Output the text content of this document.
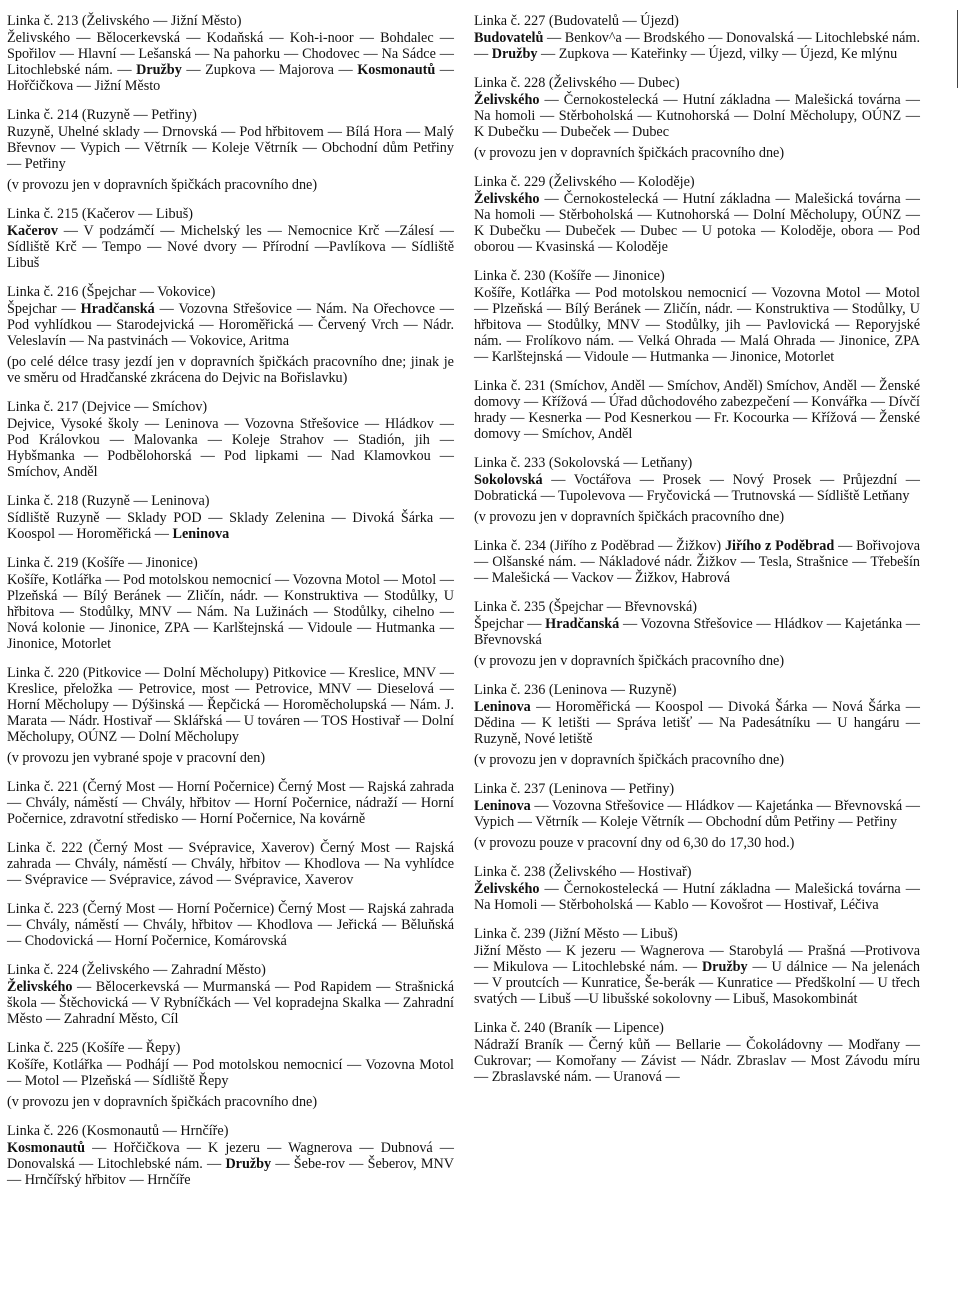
Linka č. 213 (Želivského — Jižní Město)

Želivského — Bělocerkevská — Kodaňská — Koh-i-noor — Bohdalec — Spořilov — Hlavní — Lešanská — Na pahorku — Chodovec — Na Sádce — Litochlebské nám. — Družby — Zupkova — Majorova — Kosmonautů — Hořčičkova — Jižní Město

Linka č. 214 (Ruzyně — Petřiny)

Ruzyně, Uhelné sklady — Drnovská — Pod hřbitovem — Bílá Hora — Malý Břevnov — Vypich — Větrník — Koleje Větrník — Obchodní dům Petřiny — Petřiny

(v provozu jen v dopravních špičkách pracovního dne)

Linka č. 215 (Kačerov — Libuš)

Kačerov — V podzámčí — Michelský les — Nemocnice Krč —Zálesí — Sídliště Krč — Tempo — Nové dvory — Přírodní —Pavlíkova — Sídliště Libuš

Linka č. 216 (Špejchar — Vokovice)

Špejchar — Hradčanská — Vozovna Střešovice — Nám. Na Ořechovce — Pod vyhlídkou — Starodejvická — Horoměřická — Červený Vrch — Nádr. Veleslavín — Na pastvinách — Vokovice, Aritma

(po celé délce trasy jezdí jen v dopravních špičkách pracovního dne; jinak je ve směru od Hradčanské zkrácena do Dejvic na Bořislavku)

Linka č. 217 (Dejvice — Smíchov)

Dejvice, Vysoké školy — Leninova — Vozovna Střešovice — Hládkov — Pod Královkou — Malovanka — Koleje Strahov — Stadión, jih — Hybšmanka — Podbělohorská — Pod lipkami — Nad Klamovkou — Smíchov, Anděl

Linka č. 218 (Ruzyně — Leninova)

Sídliště Ruzyně — Sklady POD — Sklady Zelenina — Divoká Šárka — Koospol — Horoměřická — Leninova

Linka č. 219 (Košíře — Jinonice)

Košíře, Kotlářka — Pod motolskou nemocnicí — Vozovna Motol — Motol — Plzeňská — Bílý Beránek — Zličín, nádr. — Konstruktiva — Stodůlky, U hřbitova — Stodůlky, MNV — Nám. Na Lužinách — Stodůlky, cihelno — Nová kolonie — Jinonice, ZPA — Karlštejnská — Vidoule — Hutmanka — Jinonice, Motorlet

Linka č. 220 (Pitkovice — Dolní Měcholupy) Pitkovice — Kreslice, MNV — Kreslice, přeložka — Petrovice, most — Petrovice, MNV — Dieselová — Horní Měcholupy — Dýšinská — Řepčická — Horoměcholupská — Nám. J. Marata — Nádr. Hostivař — Sklářská — U továren — TOS Hostivař — Dolní Měcholupy, OÚNZ — Dolní Měcholupy

(v provozu jen vybrané spoje v pracovní den)

Linka č. 221 (Černý Most — Horní Počernice) Černý Most — Rajská zahrada — Chvály, náměstí — Chvály, hřbitov — Horní Počernice, nádraží — Horní Počernice, zdravotní středisko — Horní Počernice, Na kovárně

Linka č. 222 (Černý Most — Svépravice, Xaverov) Černý Most — Rajská zahrada — Chvály, náměstí — Chvály, hřbitov — Khodlova — Na vyhlídce — Svépravice — Svépravice, závod — Svépravice, Xaverov

Linka č. 223 (Černý Most — Horní Počernice) Černý Most — Rajská zahrada — Chvály, náměstí — Chvály, hřbitov — Khodlova — Jeřická — Běluňská — Chodovická — Horní Počernice, Komárovská

Linka č. 224 (Želivského — Zahradní Město)

Želivského — Bělocerkevská — Murmanská — Pod Rapidem — Strašnická škola — Štěchovická — V Rybníčkách — Vel kopradejna Skalka — Zahradní Město — Zahradní Město, Cíl

Linka č. 225 (Košíře — Řepy)

Košíře, Kotlářka — Podhájí — Pod motolskou nemocnicí — Vozovna Motol — Motol — Plzeňská — Sídliště Řepy

(v provozu jen v dopravních špičkách pracovního dne)

Linka č. 226 (Kosmonautů — Hrnčíře)

Kosmonautů — Hořčičkova — K jezeru — Wagnerova — Dubnová — Donovalská — Litochlebské nám. — Družby — Šebe-rov — Šeberov, MNV — Hrnčířský hřbitov — Hrnčíře

Linka č. 227 (Budovatelů — Újezd)

Budovatelů — Benkov^a — Brodského — Donovalská — Litochlebské nám. — Družby — Zupkova — Kateřinky — Újezd, vilky — Újezd, Ke mlýnu

Linka č. 228 (Želivského — Dubec)

Želivského — Černokostelecká — Hutní základna — Malešická továrna — Na homoli — Stěrboholská — Kutnohorská — Dolní Měcholupy, OÚNZ — K Dubečku — Dubeček — Dubec

(v provozu jen v dopravních špičkách pracovního dne)

Linka č. 229 (Želivského — Koloděje)

Želivského — Černokostelecká — Hutní základna — Malešická továrna — Na homoli — Stěrboholská — Kutnohorská — Dolní Měcholupy, OÚNZ — K Dubečku — Dubeček — Dubec — U potoka — Koloděje, obora — Pod oborou — Kvasinská — Koloděje

Linka č. 230 (Košíře — Jinonice)

Košíře, Kotlářka — Pod motolskou nemocnicí — Vozovna Motol — Motol — Plzeňská — Bílý Beránek — Zličín, nádr. — Konstruktiva — Stodůlky, U hřbitova — Stodůlky, MNV — Stodůlky, jih — Pavlovická — Reporyjské nám. — Frolíkovo nám. — Velká Ohrada — Malá Ohrada — Jinonice, ZPA — Karlštejnská — Vidoule — Hutmanka — Jinonice, Motorlet

Linka č. 231 (Smíchov, Anděl — Smíchov, Anděl) Smíchov, Anděl — Ženské domovy — Křížová — Úřad důchodového zabezpečení — Konvářka — Dívčí hrady — Kesnerka — Pod Kesnerkou — Fr. Kocourka — Křížová — Ženské domovy — Smíchov, Anděl

Linka č. 233 (Sokolovská — Letňany)

Sokolovská — Voctářova — Prosek — Nový Prosek — Průjezdní — Dobratická — Tupolevova — Fryčovická — Trutnovská — Sídliště Letňany

(v provozu jen v dopravních špičkách pracovního dne)

Linka č. 234 (Jiřího z Poděbrad — Žižkov) Jiřího z Poděbrad — Bořivojova — Olšanské nám. — Nákladové nádr. Žižkov — Tesla, Strašnice — Třebešín — Malešická — Vackov — Žižkov, Habrová

Linka č. 235 (Špejchar — Břevnovská)

Špejchar — Hradčanská — Vozovna Střešovice — Hládkov — Kajetánka — Břevnovská

(v provozu jen v dopravních špičkách pracovního dne)

Linka č. 236 (Leninova — Ruzyně)

Leninova — Horoměřická — Koospol — Divoká Šárka — Nová Šárka — Dědina — K letišti — Správa letišť — Na Padesátníku — U hangáru — Ruzyně, Nové letiště

(v provozu jen v dopravních špičkách pracovního dne)

Linka č. 237 (Leninova — Petřiny)

Leninova — Vozovna Střešovice — Hládkov — Kajetánka — Břevnovská — Vypich — Větrník — Koleje Větrník — Obchodní dům Petřiny — Petřiny

(v provozu pouze v pracovní dny od 6,30 do 17,30 hod.)

Linka č. 238 (Želivského — Hostivař)

Želivského — Černokostelecká — Hutní základna — Malešická továrna — Na Homoli — Stěrboholská — Kablo — Kovošrot — Hostivař, Léčiva

Linka č. 239 (Jižní Město — Libuš)

Jižní Město — K jezeru — Wagnerova — Starobylá — Prašná —Protivova — Mikulova — Litochlebské nám. — Družby — U dálnice — Na jelenách — V proutcích — Kunratice, Še-berák — Kunratice — Předškolní — U třech svatých — Libuš —U libušské sokolovny — Libuš, Masokombinát

Linka č. 240 (Braník — Lipence)

Nádraží Braník — Černý kůň — Bellarie — Čokoládovny — Modřany — Cukrovar; — Komořany — Závist — Nádr. Zbraslav — Most Závodu míru — Zbraslavské nám. — Uranová —
